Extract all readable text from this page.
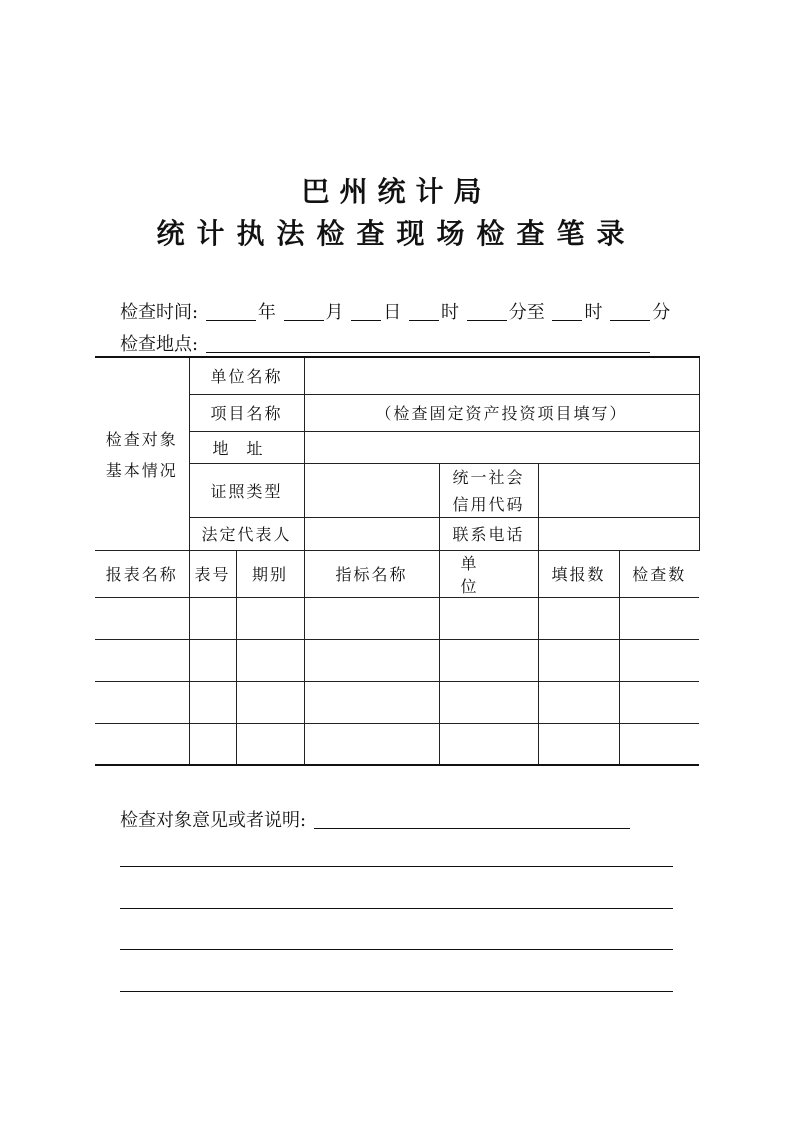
巴州统计局
统计执法检查现场检查笔录
检查时间:	年	月 日 时	分至 时	分
检查地点:
检查对象
基本情况	单位名称					
	项目名称		（检查固定资产投资项目填写）			
	地址					
	证照类型			统一社会
信用代码		

	法定代表人			联系电话		
报表名称	表号	期别	指标名称	单位	填报数	检查数

检查对象意见或者说明:
